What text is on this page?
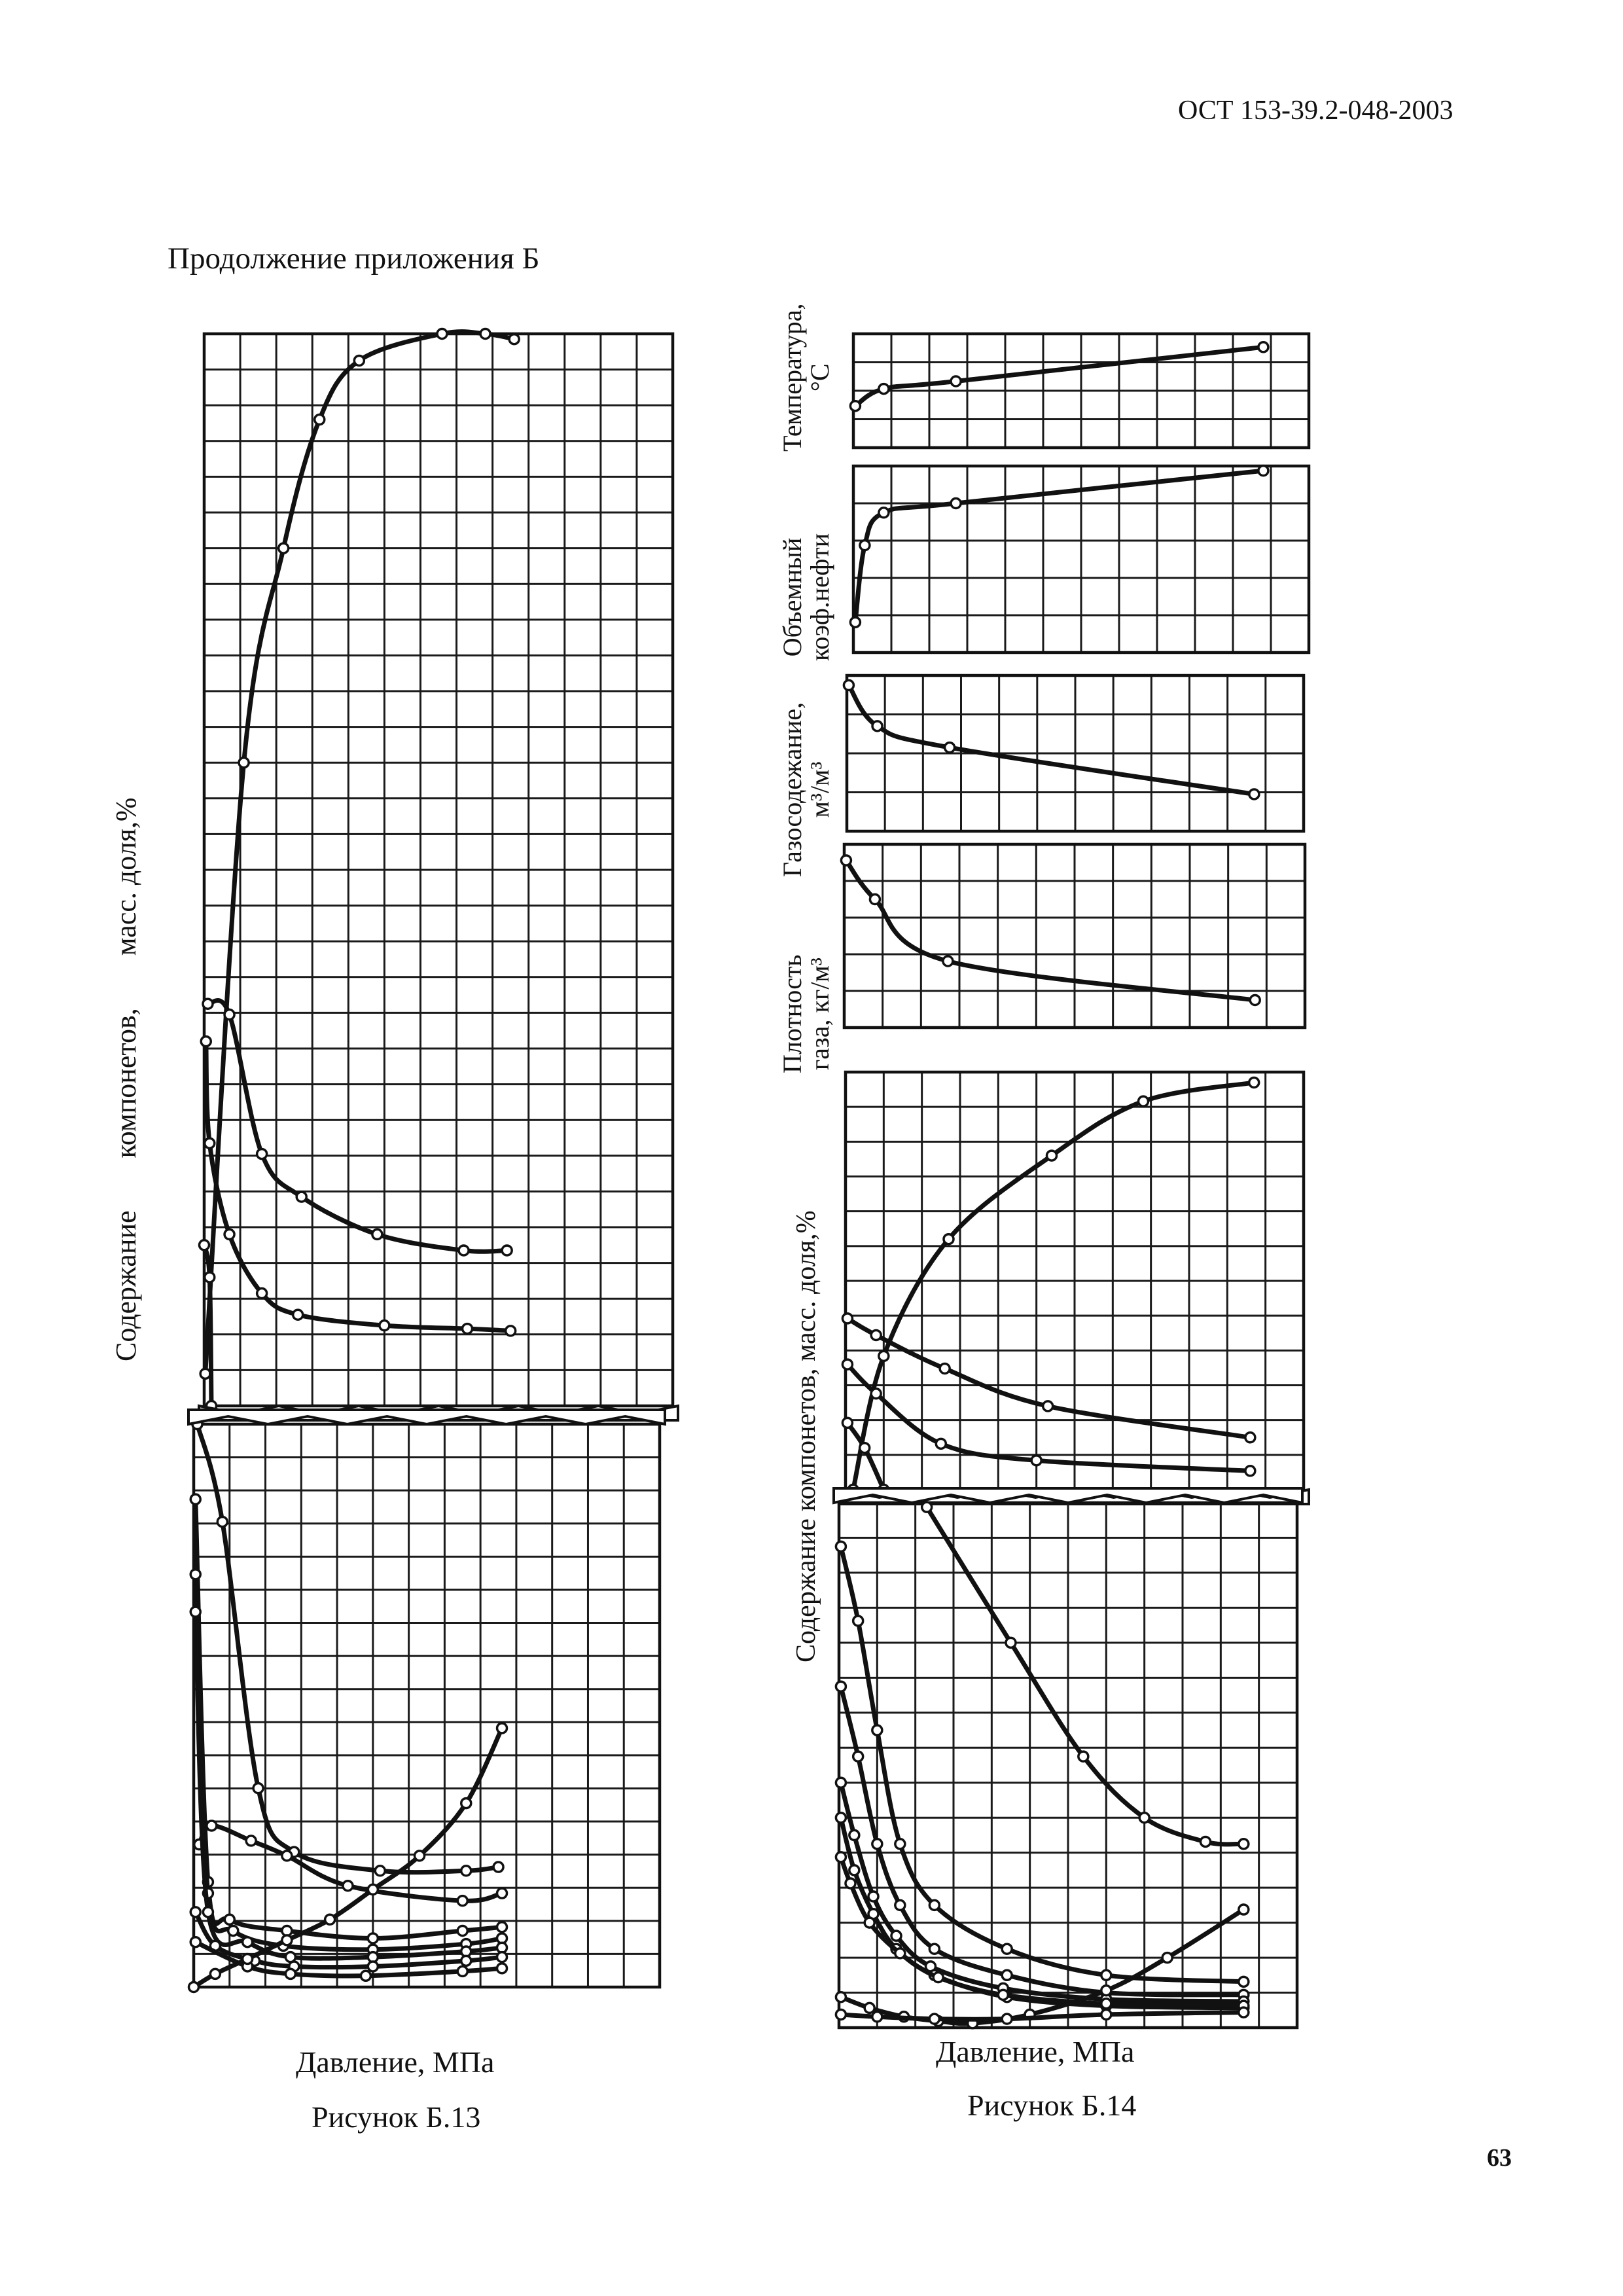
ОСТ 153-39.2-048-2003
Продолжение приложения Б
Содержаниекомпонетов,масс. доля,%
Температура,
°С
Объемный
коэф.нефти
Газосодежание,
м³/м³
Плотность
газа, кг/м³
Содержание компонетов, масс. доля,%
Давление, МПа
Рисунок Б.13
Давление, МПа
Рисунок Б.14
63
